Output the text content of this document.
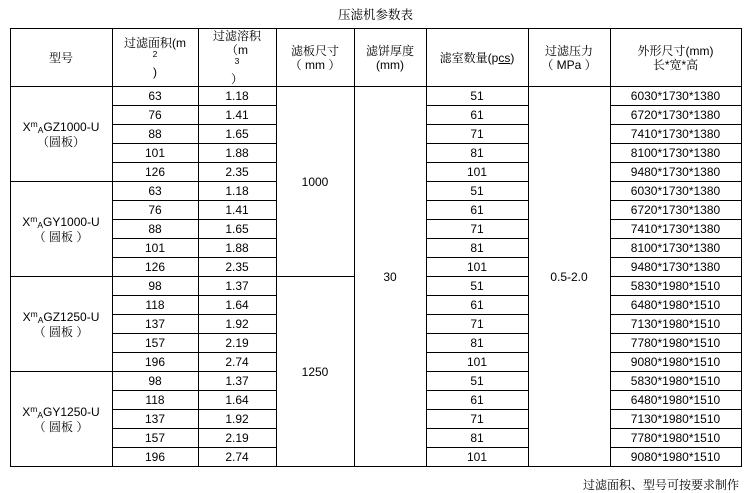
压滤机参数表
型号	过滤面积(m
$^2$
)	过滤溶积
（m
$^3$
）	滤板尺寸
（ mm ）	滤饼厚度
(mm)	滤室数量(pcs)	过滤压力
（ MPa ）	外形尺寸(mm)
长*宽*高

$X^m_AGZ1000-U$
（圆板）	63	1.18	1000	30	51	0.5-2.0	6030*1730*1380
	76	1.41			61		6720*1730*1380
	88	1.65			71		7410*1730*1380
	101	1.88			81		8100*1730*1380
	126	2.35			101		9480*1730*1380

$X^m_AGY1000-U$
（ 圆板 ）	63	1.18			51		6030*1730*1380
	76	1.41			61		6720*1730*1380
	88	1.65			71		7410*1730*1380
	101	1.88			81		8100*1730*1380
	126	2.35			101		9480*1730*1380

$X^m_AGZ1250-U$
（ 圆板 ）	98	1.37	1250		51		5830*1980*1510
	118	1.64			61		6480*1980*1510
	137	1.92			71		7130*1980*1510
	157	2.19			81		7780*1980*1510
	196	2.74			101		9080*1980*1510

$X^m_AGY1250-U$
（ 圆板 ）	98	1.37			51		5830*1980*1510
	118	1.64			61		6480*1980*1510
	137	1.92			71		7130*1980*1510
	157	2.19			81		7780*1980*1510
	196	2.74			101		9080*1980*1510
过滤面积、型号可按要求制作
